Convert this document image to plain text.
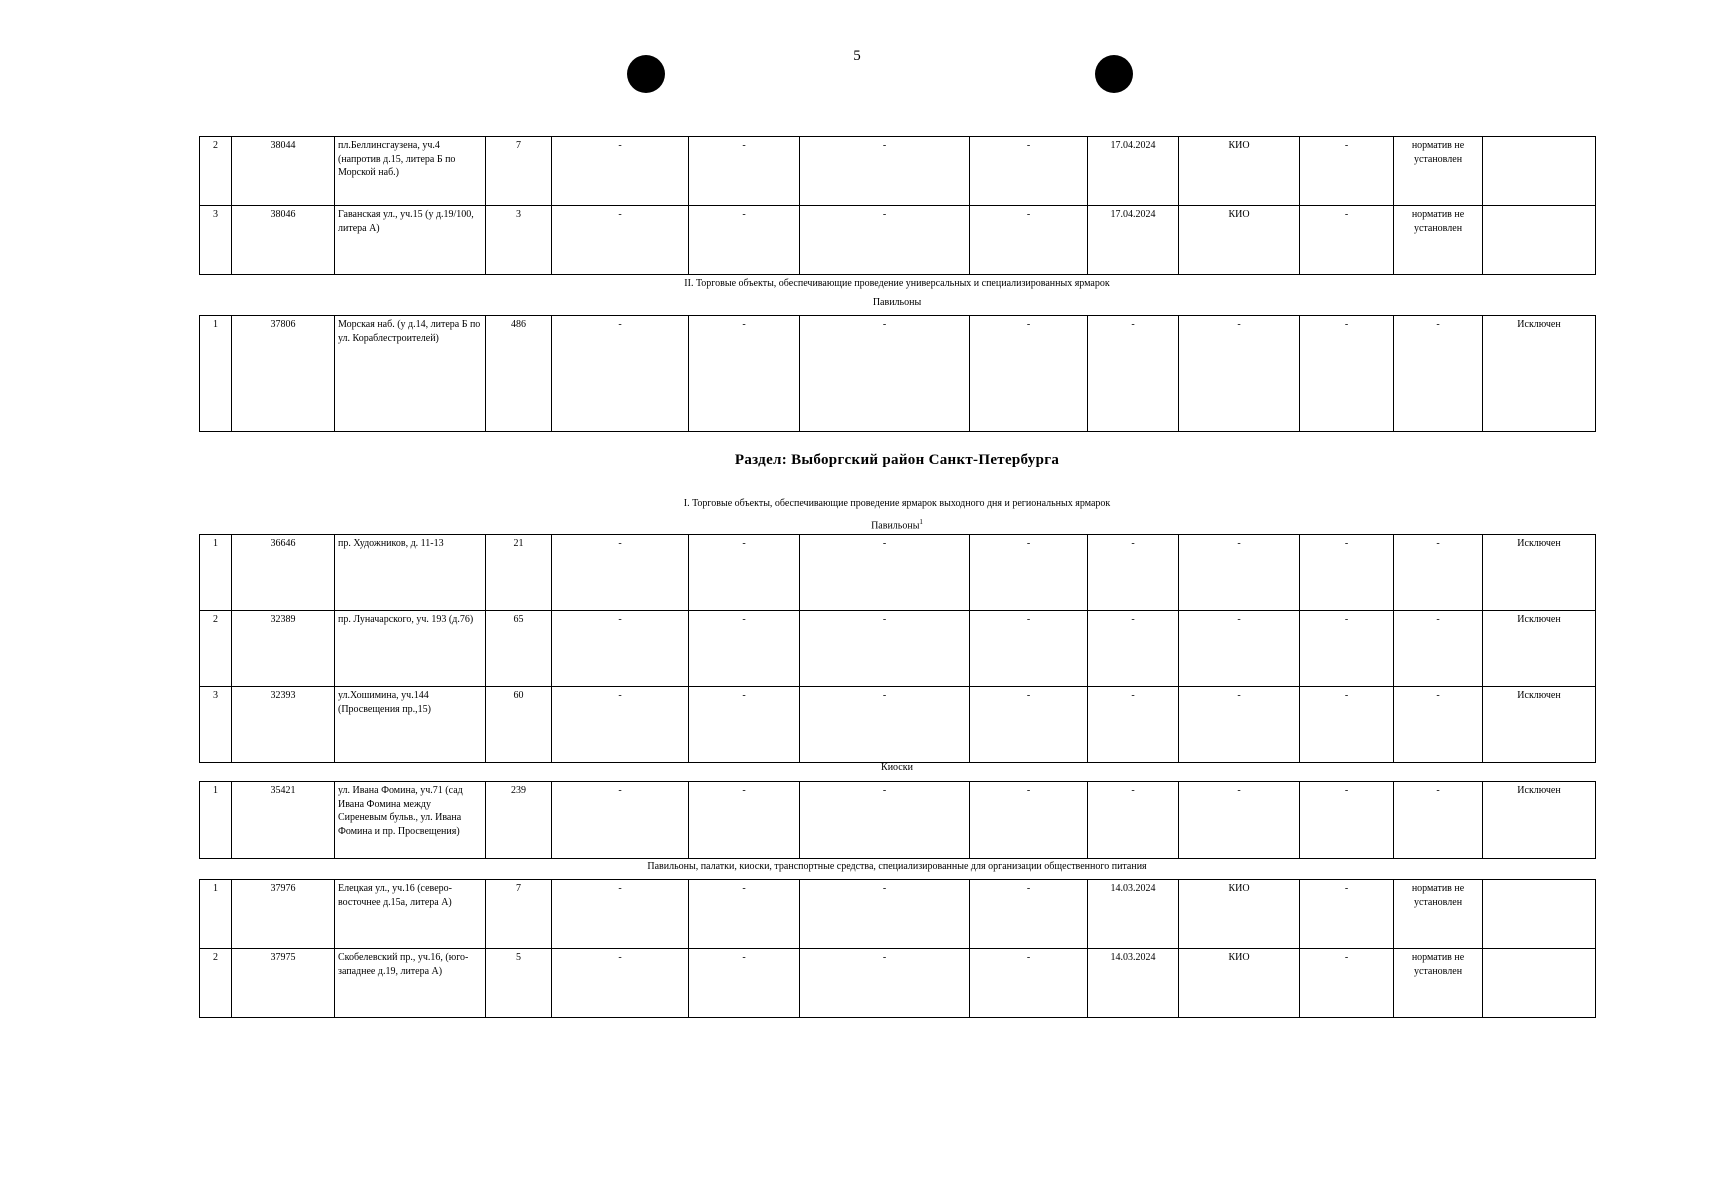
5
2	38044	пл.Беллинсгаузена, уч.4 (напротив д.15, литера Б по Морской наб.)	7	-	-	-	-	17.04.2024	КИО	-	норматив не установлен	
3	38046	Гаванская ул., уч.15 (у д.19/100, литера А)	3	-	-	-	-	17.04.2024	КИО	-	норматив не установлен	
II. Торговые объекты, обеспечивающие проведение универсальных и специализированных ярмарок
Павильоны
1	37806	Морская наб. (у д.14, литера Б по ул. Кораблестроителей)	486	-	-	-	-	-	-	-	-	Исключен
Раздел: Выборгский район Санкт-Петербурга
I. Торговые объекты, обеспечивающие проведение ярмарок выходного дня и региональных ярмарок
Павильоны$^1$
1	36646	пр. Художников, д. 11-13	21	-	-	-	-	-	-	-	-	Исключен
2	32389	пр. Луначарского, уч. 193 (д.76)	65	-	-	-	-	-	-	-	-	Исключен
3	32393	ул.Хошимина, уч.144 (Просвещения пр.,15)	60	-	-	-	-	-	-	-	-	Исключен
Киоски
1	35421	ул. Ивана Фомина, уч.71 (сад Ивана Фомина между Сиреневым бульв., ул. Ивана Фомина и пр. Просвещения)	239	-	-	-	-	-	-	-	-	Исключен
Павильоны, палатки, киоски, транспортные средства, специализированные для организации общественного питания
1	37976	Елецкая ул., уч.16 (северо-восточнее д.15а, литера А)	7	-	-	-	-	14.03.2024	КИО	-	норматив не установлен	
2	37975	Скобелевский пр., уч.16, (юго-западнее д.19, литера А)	5	-	-	-	-	14.03.2024	КИО	-	норматив не установлен	
